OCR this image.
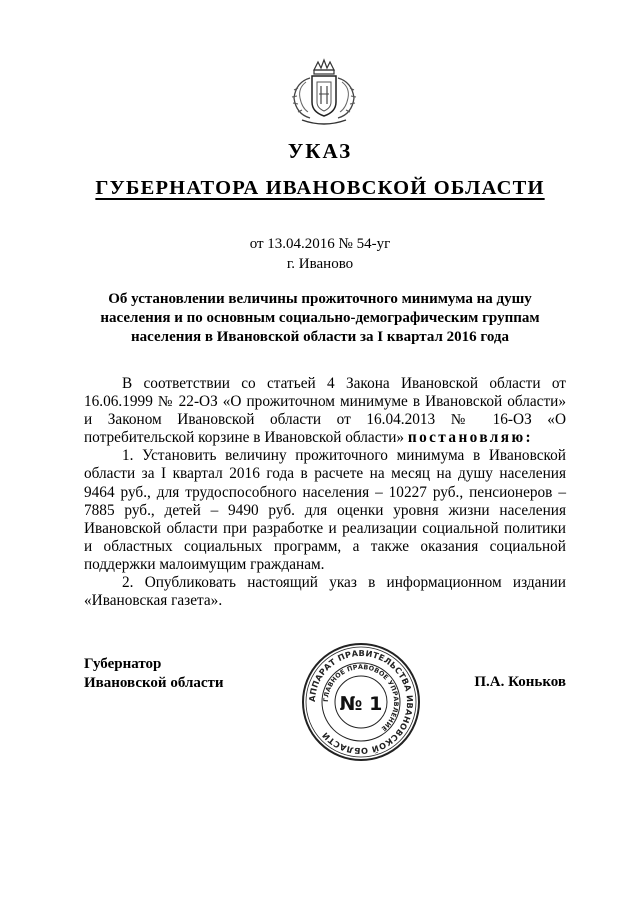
УКАЗ
ГУБЕРНАТОРА ИВАНОВСКОЙ ОБЛАСТИ
от 13.04.2016 № 54-уг
г. Иваново
Об установлении величины прожиточного минимума на душу
населения и по основным социально-демографическим группам
населения в Ивановской области за I квартал 2016 года

В соответствии со статьей 4 Закона Ивановской области от 16.06.1999 № 22-ОЗ «О прожиточном минимуме в Ивановской области» и Законом Ивановской области от 16.04.2013 № 16-ОЗ «О потребительской корзине в Ивановской области» постановляю:

1. Установить величину прожиточного минимума в Ивановской области за I квартал 2016 года в расчете на месяц на душу населения 9464 руб., для трудоспособного населения – 10227 руб., пенсионеров – 7885 руб., детей – 9490 руб. для оценки уровня жизни населения Ивановской области при разработке и реализации социальной политики и областных социальных программ, а также оказания социальной поддержки малоимущим гражданам.

2. Опубликовать настоящий указ в информационном издании «Ивановская газета».

Губернатор
Ивановской области
АППАРАТ ПРАВИТЕЛЬСТВА ИВАНОВСКОЙ ОБЛАСТИ
ГЛАВНОЕ ПРАВОВОЕ УПРАВЛЕНИЕ
№ 1
П.А. Коньков
